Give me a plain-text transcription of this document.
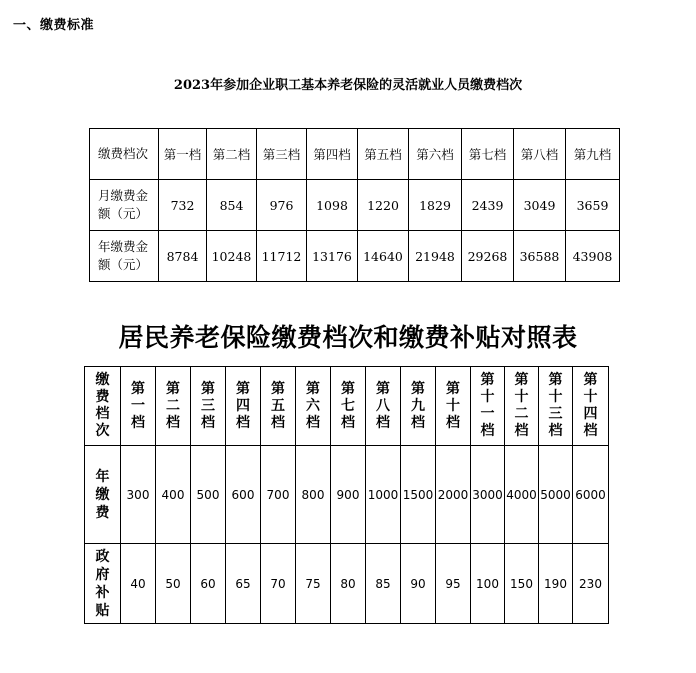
一、缴费标准
2023年参加企业职工基本养老保险的灵活就业人员缴费档次
缴费档次	第一档	第二档	第三档	第四档	第五档	第六档	第七档	第八档	第九档
月缴费金额（元）	732	854	976	1098	1220	1829	2439	3049	3659
年缴费金额（元）	8784	10248	11712	13176	14640	21948	29268	36588	43908
居民养老保险缴费档次和缴费补贴对照表
缴费档次	第一档	第二档	第三档	第四档	第五档	第六档	第七档	第八档	第九档	第十档	第十一档	第十二档	第十三档	第十四档
年缴费	300	400	500	600	700	800	900	1000	1500	2000	3000	4000	5000	6000
政府补贴	40	50	60	65	70	75	80	85	90	95	100	150	190	230
